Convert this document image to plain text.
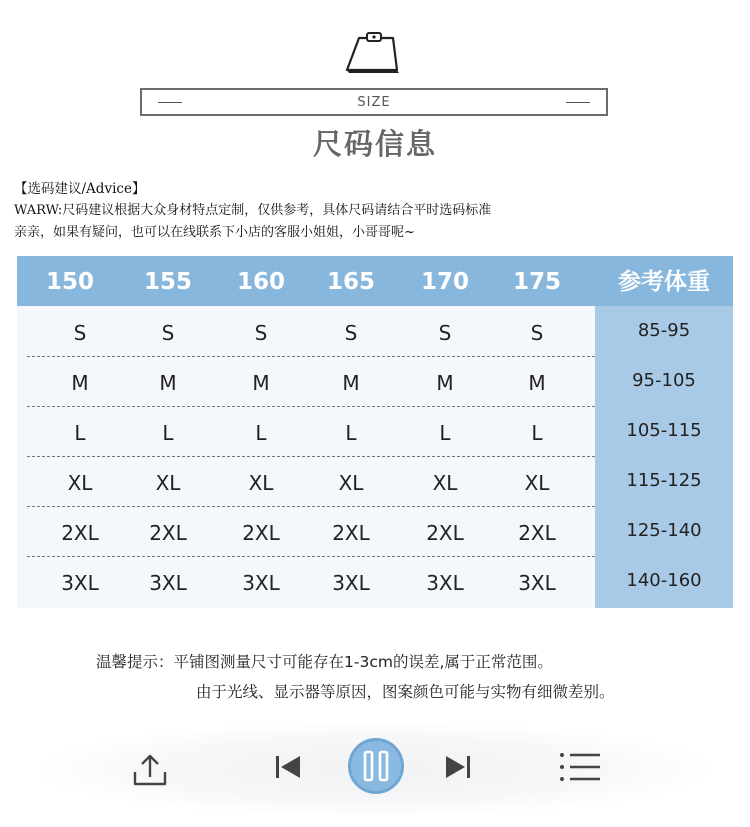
SIZE
尺码信息
【选码建议/Advice】
WARW:尺码建议根据大众身材特点定制，仅供参考，具体尺码请结合平时选码标准
亲亲，如果有疑问，也可以在线联系下小店的客服小姐姐，小哥哥呢~
150	155	160	165	170	175	参考体重
S	S	S	S	S	S	85-95
M	M	M	M	M	M	95-105
L	L	L	L	L	L	105-115
XL	XL	XL	XL	XL	XL	115-125
2XL	2XL	2XL	2XL	2XL	2XL	125-140
3XL	3XL	3XL	3XL	3XL	3XL	140-160
温馨提示：平铺图测量尺寸可能存在1-3cm的误差,属于正常范围。
由于光线、显示器等原因，图案颜色可能与实物有细微差别。
